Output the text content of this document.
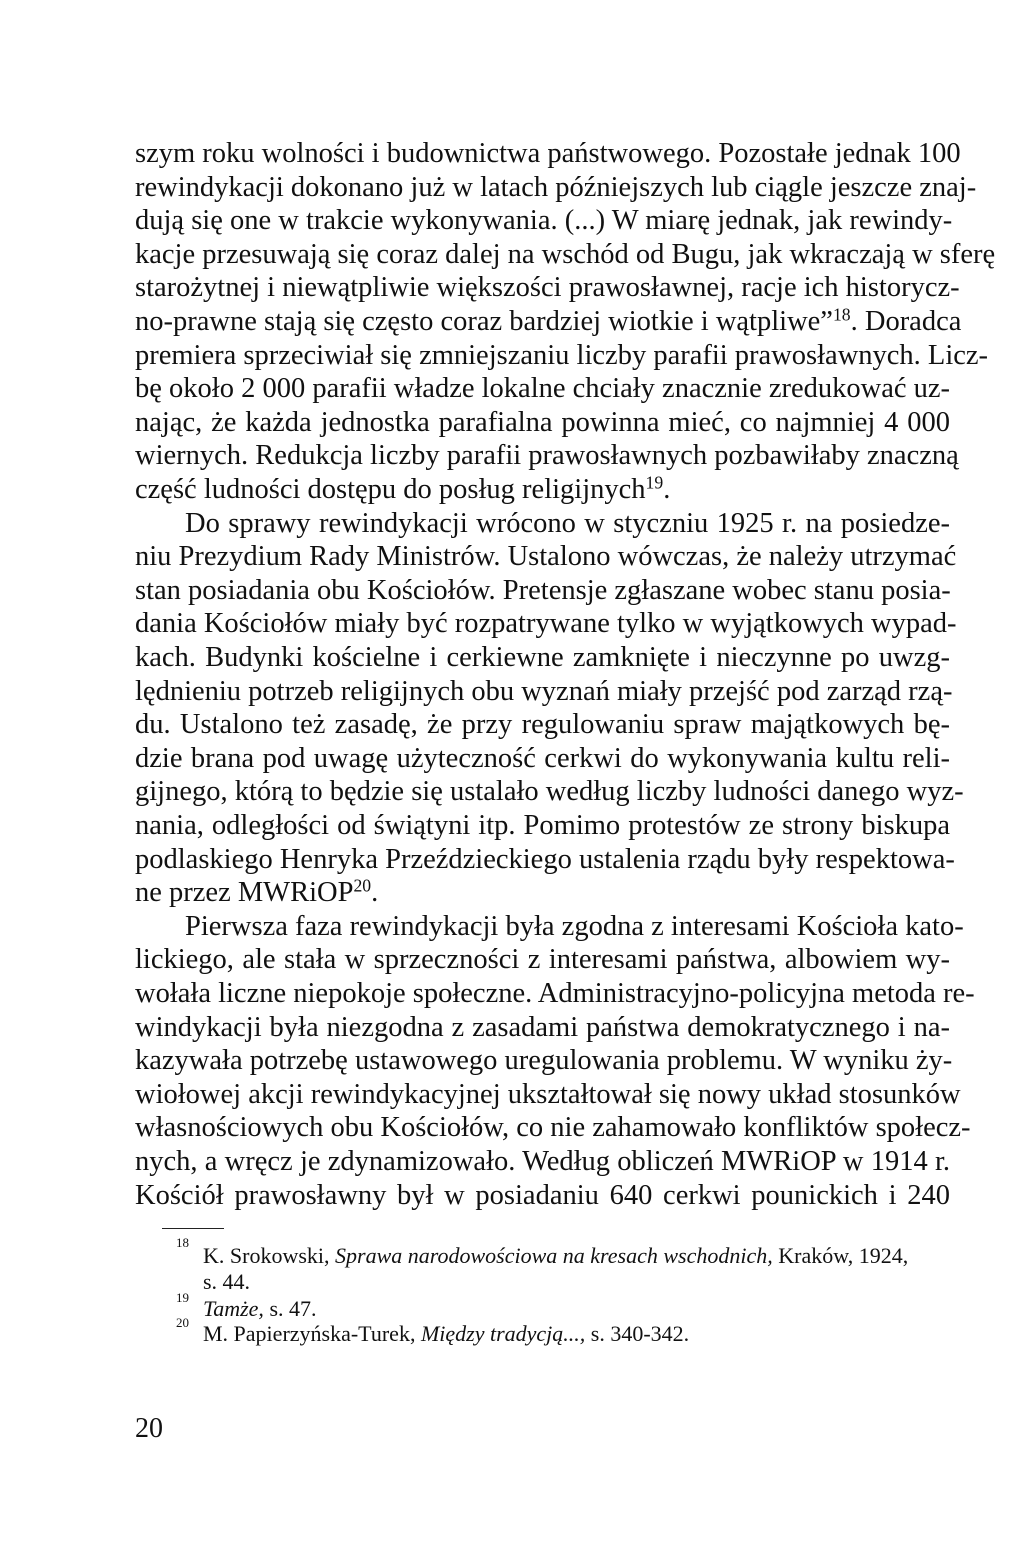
szym roku wolności i budownictwa państwowego. Pozostałe jednak 100
rewindykacji dokonano już w latach późniejszych lub ciągle jeszcze znaj-
dują się one w trakcie wykonywania. (...) W miarę jednak, jak rewindy-
kacje przesuwają się coraz dalej na wschód od Bugu, jak wkraczają w sferę
starożytnej i niewątpliwie większości prawosławnej, racje ich historycz-
no-prawne stają się często coraz bardziej wiotkie i wątpliwe”$^{18}$. Doradca
premiera sprzeciwiał się zmniejszaniu liczby parafii prawosławnych. Licz-
bę około 2 000 parafii władze lokalne chciały znacznie zredukować uz-
nając, że każda jednostka parafialna powinna mieć, co najmniej 4 000
wiernych. Redukcja liczby parafii prawosławnych pozbawiłaby znaczną
część ludności dostępu do posług religijnych$^{19}$.
Do sprawy rewindykacji wrócono w styczniu 1925 r. na posiedze-
niu Prezydium Rady Ministrów. Ustalono wówczas, że należy utrzymać
stan posiadania obu Kościołów. Pretensje zgłaszane wobec stanu posia-
dania Kościołów miały być rozpatrywane tylko w wyjątkowych wypad-
kach. Budynki kościelne i cerkiewne zamknięte i nieczynne po uwzg-
lędnieniu potrzeb religijnych obu wyznań miały przejść pod zarząd rzą-
du. Ustalono też zasadę, że przy regulowaniu spraw majątkowych bę-
dzie brana pod uwagę użyteczność cerkwi do wykonywania kultu reli-
gijnego, którą to będzie się ustalało według liczby ludności danego wyz-
nania, odległości od świątyni itp. Pomimo protestów ze strony biskupa
podlaskiego Henryka Przeździeckiego ustalenia rządu były respektowa-
ne przez MWRiOP$^{20}$.
Pierwsza faza rewindykacji była zgodna z interesami Kościoła kato-
lickiego, ale stała w sprzeczności z interesami państwa, albowiem wy-
wołała liczne niepokoje społeczne. Administracyjno-policyjna metoda re-
windykacji była niezgodna z zasadami państwa demokratycznego i na-
kazywała potrzebę ustawowego uregulowania problemu. W wyniku ży-
wiołowej akcji rewindykacyjnej ukształtował się nowy układ stosunków
własnościowych obu Kościołów, co nie zahamowało konfliktów społecz-
nych, a wręcz je zdynamizowało. Według obliczeń MWRiOP w 1914 r.
Kościół prawosławny był w posiadaniu 640 cerkwi pounickich i 240
18
K. Srokowski, Sprawa narodowościowa na kresach wschodnich, Kraków, 1924,
s. 44.
19 Tamże, s. 47.
20 M. Papierzyńska-Turek, Między tradycją..., s. 340-342.
20
